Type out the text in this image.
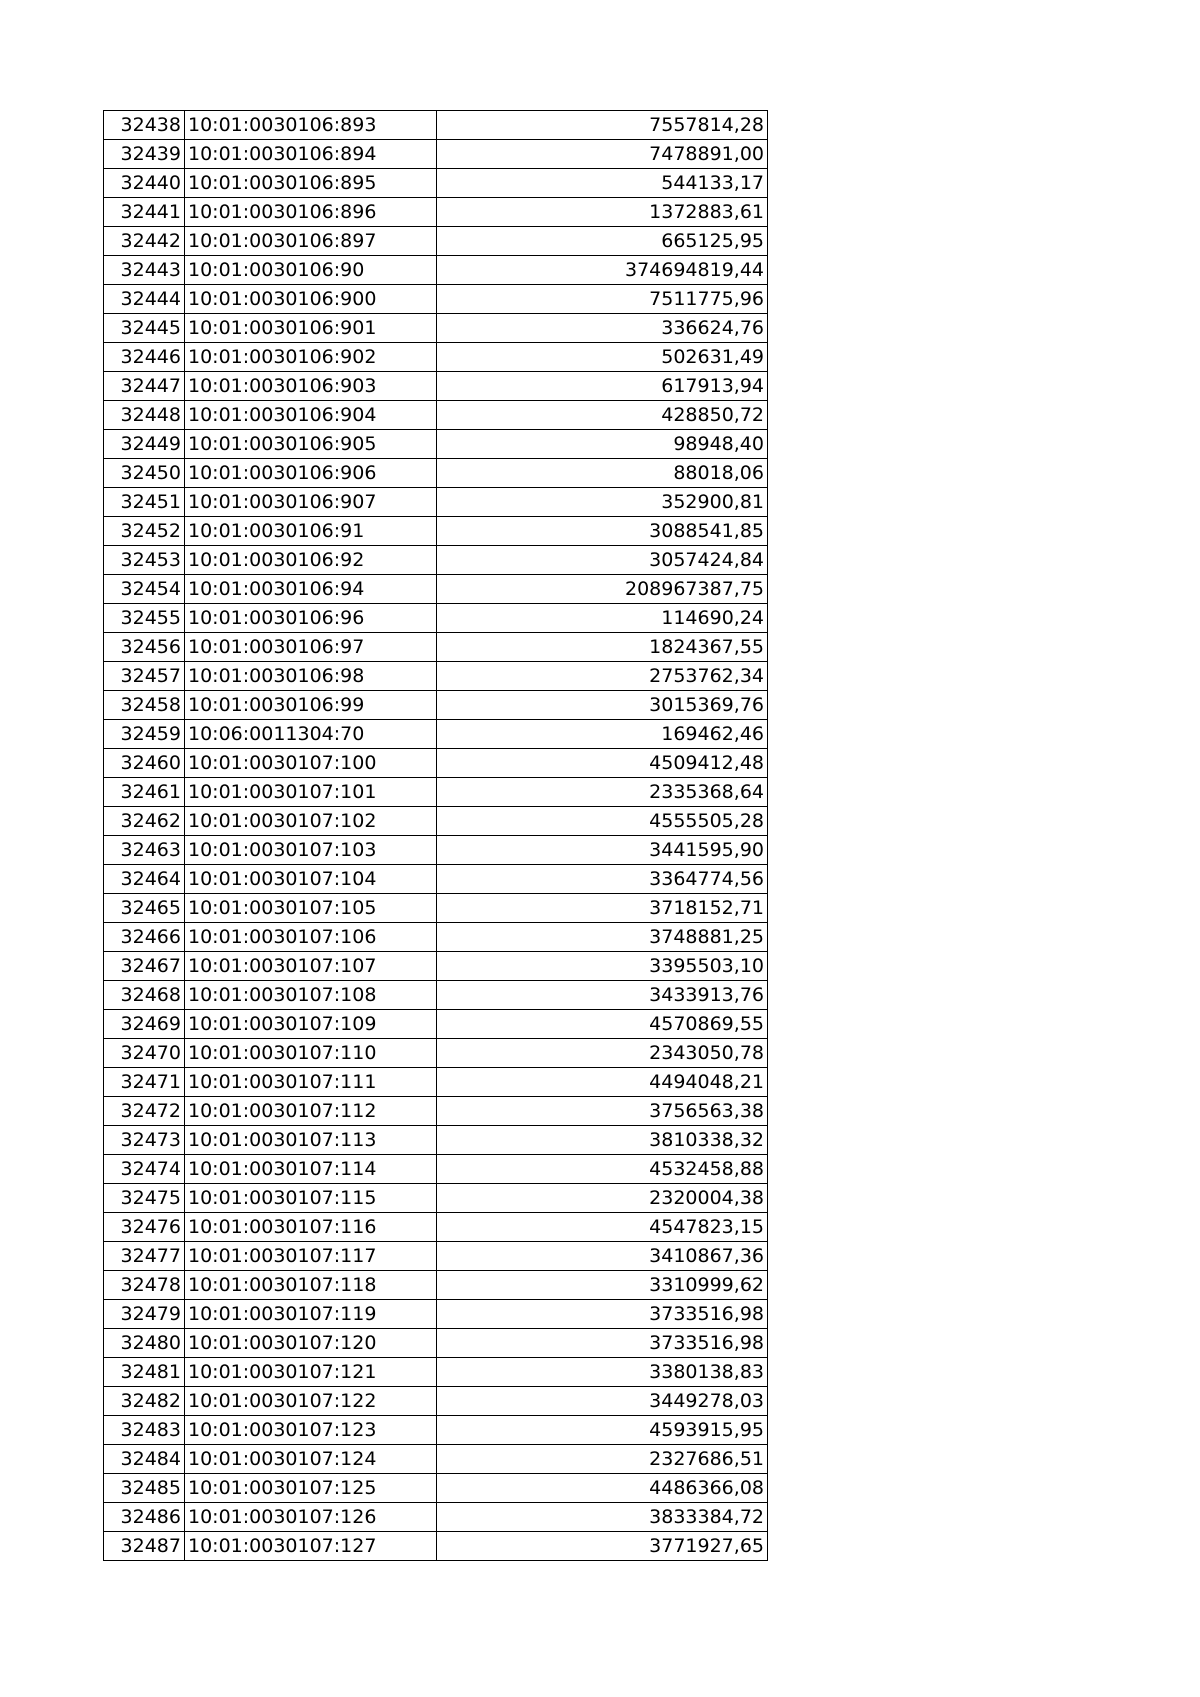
32438	10:01:0030106:893	7557814,28
32439	10:01:0030106:894	7478891,00
32440	10:01:0030106:895	544133,17
32441	10:01:0030106:896	1372883,61
32442	10:01:0030106:897	665125,95
32443	10:01:0030106:90	374694819,44
32444	10:01:0030106:900	7511775,96
32445	10:01:0030106:901	336624,76
32446	10:01:0030106:902	502631,49
32447	10:01:0030106:903	617913,94
32448	10:01:0030106:904	428850,72
32449	10:01:0030106:905	98948,40
32450	10:01:0030106:906	88018,06
32451	10:01:0030106:907	352900,81
32452	10:01:0030106:91	3088541,85
32453	10:01:0030106:92	3057424,84
32454	10:01:0030106:94	208967387,75
32455	10:01:0030106:96	114690,24
32456	10:01:0030106:97	1824367,55
32457	10:01:0030106:98	2753762,34
32458	10:01:0030106:99	3015369,76
32459	10:06:0011304:70	169462,46
32460	10:01:0030107:100	4509412,48
32461	10:01:0030107:101	2335368,64
32462	10:01:0030107:102	4555505,28
32463	10:01:0030107:103	3441595,90
32464	10:01:0030107:104	3364774,56
32465	10:01:0030107:105	3718152,71
32466	10:01:0030107:106	3748881,25
32467	10:01:0030107:107	3395503,10
32468	10:01:0030107:108	3433913,76
32469	10:01:0030107:109	4570869,55
32470	10:01:0030107:110	2343050,78
32471	10:01:0030107:111	4494048,21
32472	10:01:0030107:112	3756563,38
32473	10:01:0030107:113	3810338,32
32474	10:01:0030107:114	4532458,88
32475	10:01:0030107:115	2320004,38
32476	10:01:0030107:116	4547823,15
32477	10:01:0030107:117	3410867,36
32478	10:01:0030107:118	3310999,62
32479	10:01:0030107:119	3733516,98
32480	10:01:0030107:120	3733516,98
32481	10:01:0030107:121	3380138,83
32482	10:01:0030107:122	3449278,03
32483	10:01:0030107:123	4593915,95
32484	10:01:0030107:124	2327686,51
32485	10:01:0030107:125	4486366,08
32486	10:01:0030107:126	3833384,72
32487	10:01:0030107:127	3771927,65
